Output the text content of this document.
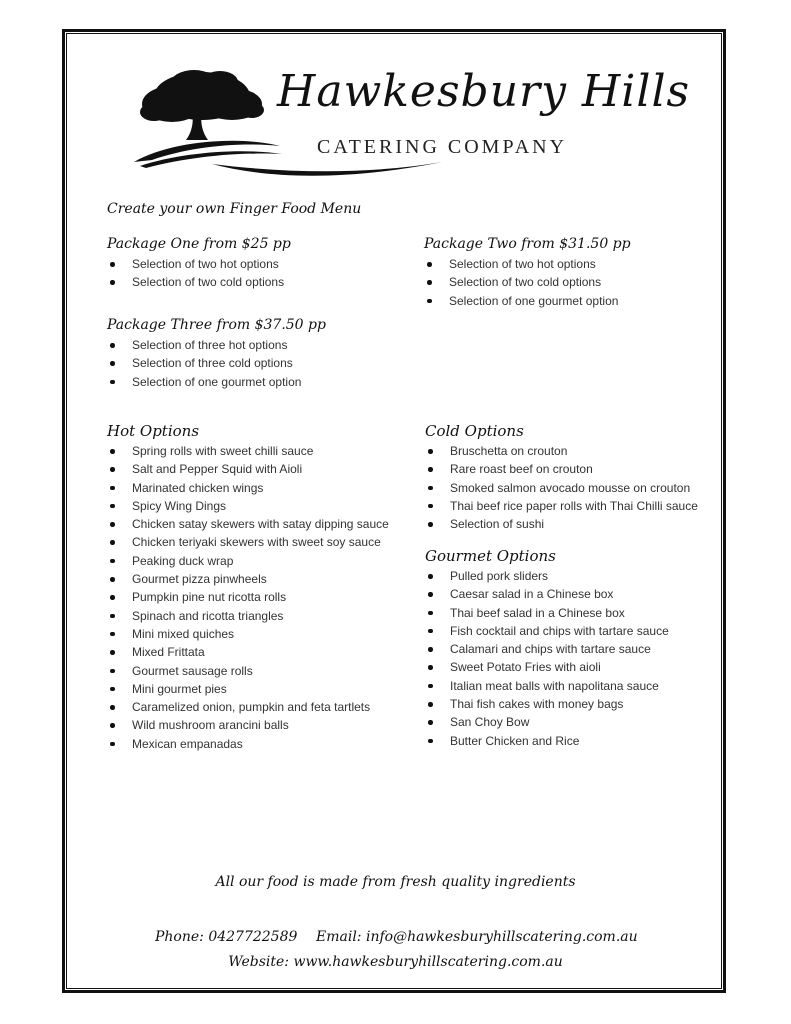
Hawkesbury Hills
CATERING COMPANY
Create your own Finger Food Menu
Package One from $25 pp
Selection of two hot options
Selection of two cold options
Package Two from $31.50 pp
Selection of two hot options
Selection of two cold options
Selection of one gourmet option
Package Three from $37.50 pp
Selection of three hot options
Selection of three cold options
Selection of one gourmet option
Hot Options
Spring rolls with sweet chilli sauce
Salt and Pepper Squid with Aioli
Marinated chicken wings
Spicy Wing Dings
Chicken satay skewers with satay dipping sauce
Chicken teriyaki skewers with sweet soy sauce
Peaking duck wrap
Gourmet pizza pinwheels
Pumpkin pine nut ricotta rolls
Spinach and ricotta triangles
Mini mixed quiches
Mixed Frittata
Gourmet sausage rolls
Mini gourmet pies
Caramelized onion, pumpkin and feta tartlets
Wild mushroom arancini balls
Mexican empanadas
Cold Options
Bruschetta on crouton
Rare roast beef on crouton
Smoked salmon avocado mousse on crouton
Thai beef rice paper rolls with Thai Chilli sauce
Selection of sushi
Gourmet Options
Pulled pork sliders
Caesar salad in a Chinese box
Thai beef salad in a Chinese box
Fish cocktail and chips with tartare sauce
Calamari and chips with tartare sauce
Sweet Potato Fries with aioli
Italian meat balls with napolitana sauce
Thai fish cakes with money bags
San Choy Bow
Butter Chicken and Rice
All our food is made from fresh quality ingredients
Phone: 0427722589 Email: info@hawkesburyhillscatering.com.au
Website: www.hawkesburyhillscatering.com.au
